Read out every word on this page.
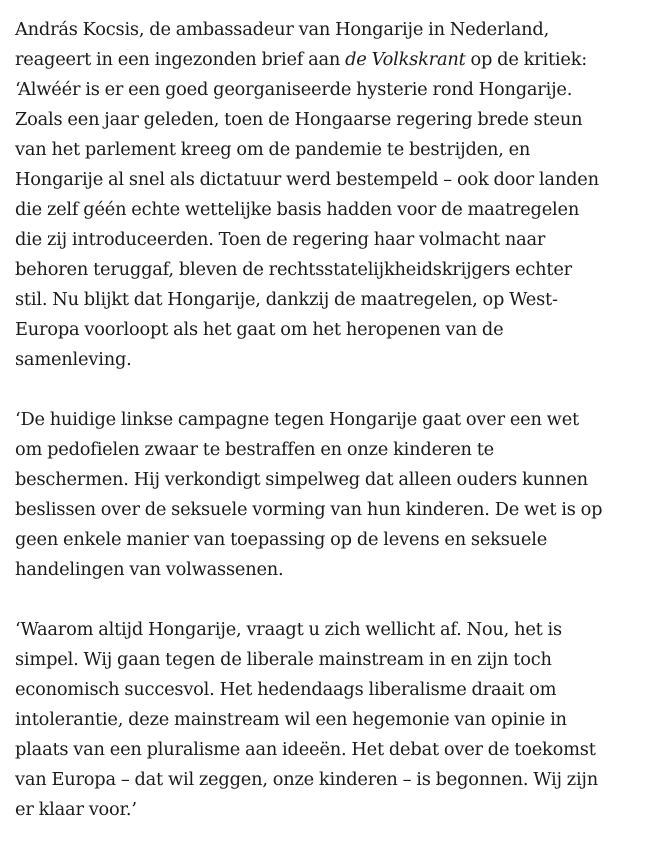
András Kocsis, de ambassadeur van Hongarije in Nederland,
reageert in een ingezonden brief aan de Volkskrant op de kritiek:
‘Alwéér is er een goed georganiseerde hysterie rond Hongarije.
Zoals een jaar geleden, toen de Hongaarse regering brede steun
van het parlement kreeg om de pandemie te bestrijden, en
Hongarije al snel als dictatuur werd bestempeld – ook door landen
die zelf géén echte wettelijke basis hadden voor de maatregelen
die zij introduceerden. Toen de regering haar volmacht naar
behoren teruggaf, bleven de rechtsstatelijkheidskrijgers echter
stil. Nu blijkt dat Hongarije, dankzij de maatregelen, op West-
Europa voorloopt als het gaat om het heropenen van de
samenleving.

‘De huidige linkse campagne tegen Hongarije gaat over een wet
om pedofielen zwaar te bestraffen en onze kinderen te
beschermen. Hij verkondigt simpelweg dat alleen ouders kunnen
beslissen over de seksuele vorming van hun kinderen. De wet is op
geen enkele manier van toepassing op de levens en seksuele
handelingen van volwassenen.

‘Waarom altijd Hongarije, vraagt u zich wellicht af. Nou, het is
simpel. Wij gaan tegen de liberale mainstream in en zijn toch
economisch succesvol. Het hedendaags liberalisme draait om
intolerantie, deze mainstream wil een hegemonie van opinie in
plaats van een pluralisme aan ideeën. Het debat over de toekomst
van Europa – dat wil zeggen, onze kinderen – is begonnen. Wij zijn
er klaar voor.’
